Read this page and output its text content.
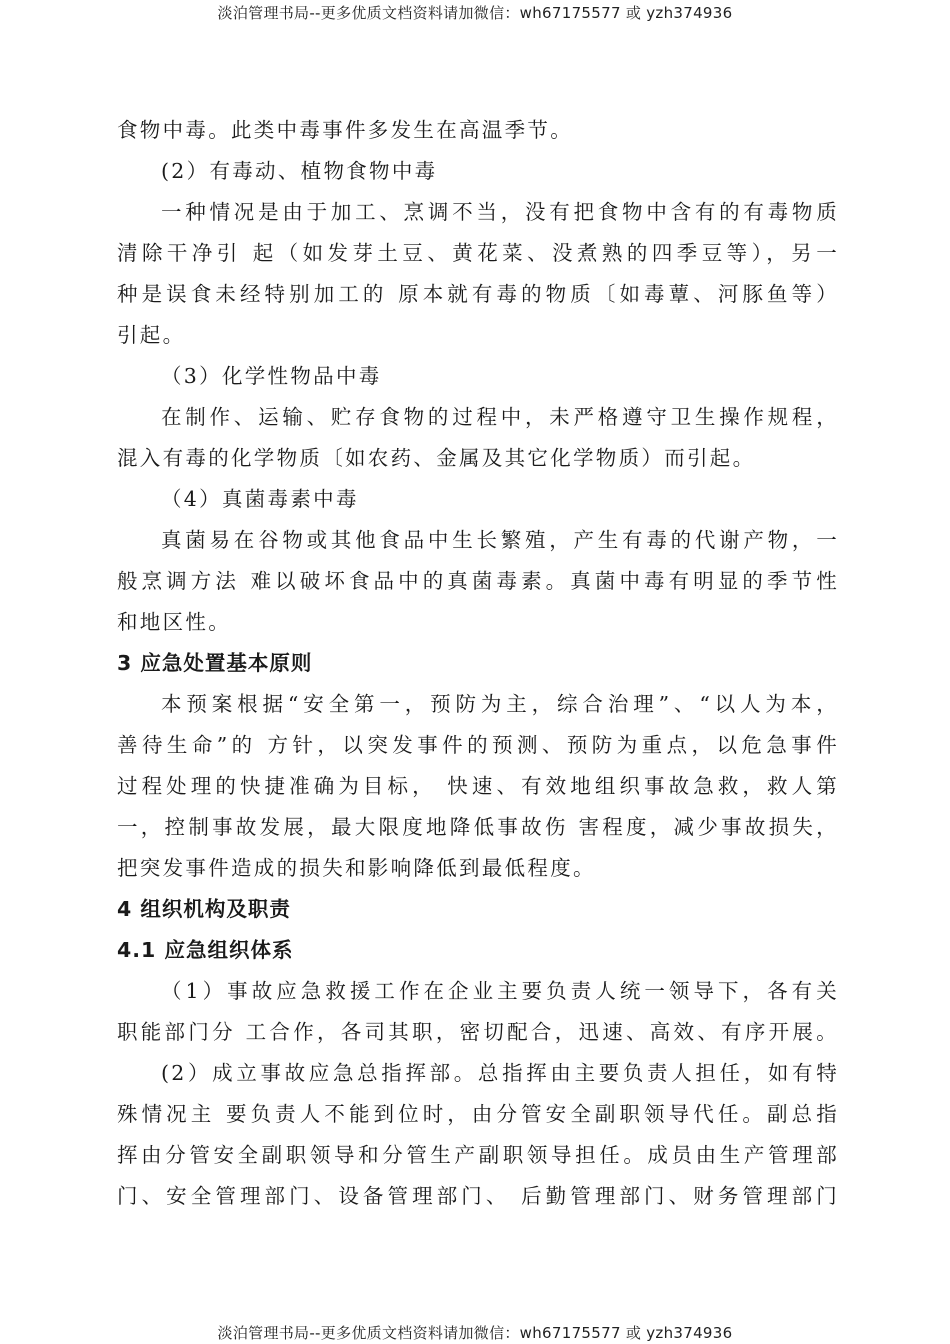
淡泊管理书局--更多优质文档资料请加微信：wh67175577 或 yzh374936
食物中毒。此类中毒事件多发生在高温季节。
(2）有毒动、植物食物中毒
一种情况是由于加工、烹调不当，没有把食物中含有的有毒物质
清除干净引 起（如发芽土豆、黄花菜、没煮熟的四季豆等），另一
种是误食未经特别加工的 原本就有毒的物质〔如毒蕈、河豚鱼等）
引起。
（3）化学性物品中毒
在制作、运输、贮存食物的过程中，未严格遵守卫生操作规程，
混入有毒的化学物质〔如农药、金属及其它化学物质）而引起。
（4）真菌毒素中毒
真菌易在谷物或其他食品中生长繁殖，产生有毒的代谢产物，一
般烹调方法 难以破坏食品中的真菌毒素。真菌中毒有明显的季节性
和地区性。
3 应急处置基本原则
本预案根据“安全第一，预防为主，综合治理”、“以人为本，
善待生命”的 方针，以突发事件的预测、预防为重点，以危急事件
过程处理的快捷准确为目标， 快速、有效地组织事故急救，救人第
一，控制事故发展，最大限度地降低事故伤 害程度，减少事故损失，
把突发事件造成的损失和影响降低到最低程度。
4 组织机构及职责
4.1 应急组织体系
（1）事故应急救援工作在企业主要负责人统一领导下，各有关
职能部门分 工合作，各司其职，密切配合，迅速、高效、有序开展。
(2）成立事故应急总指挥部。总指挥由主要负责人担任，如有特
殊情况主 要负责人不能到位时，由分管安全副职领导代任。副总指
挥由分管安全副职领导和分管生产副职领导担任。成员由生产管理部
门、安全管理部门、设备管理部门、 后勤管理部门、财务管理部门
淡泊管理书局--更多优质文档资料请加微信：wh67175577 或 yzh374936
